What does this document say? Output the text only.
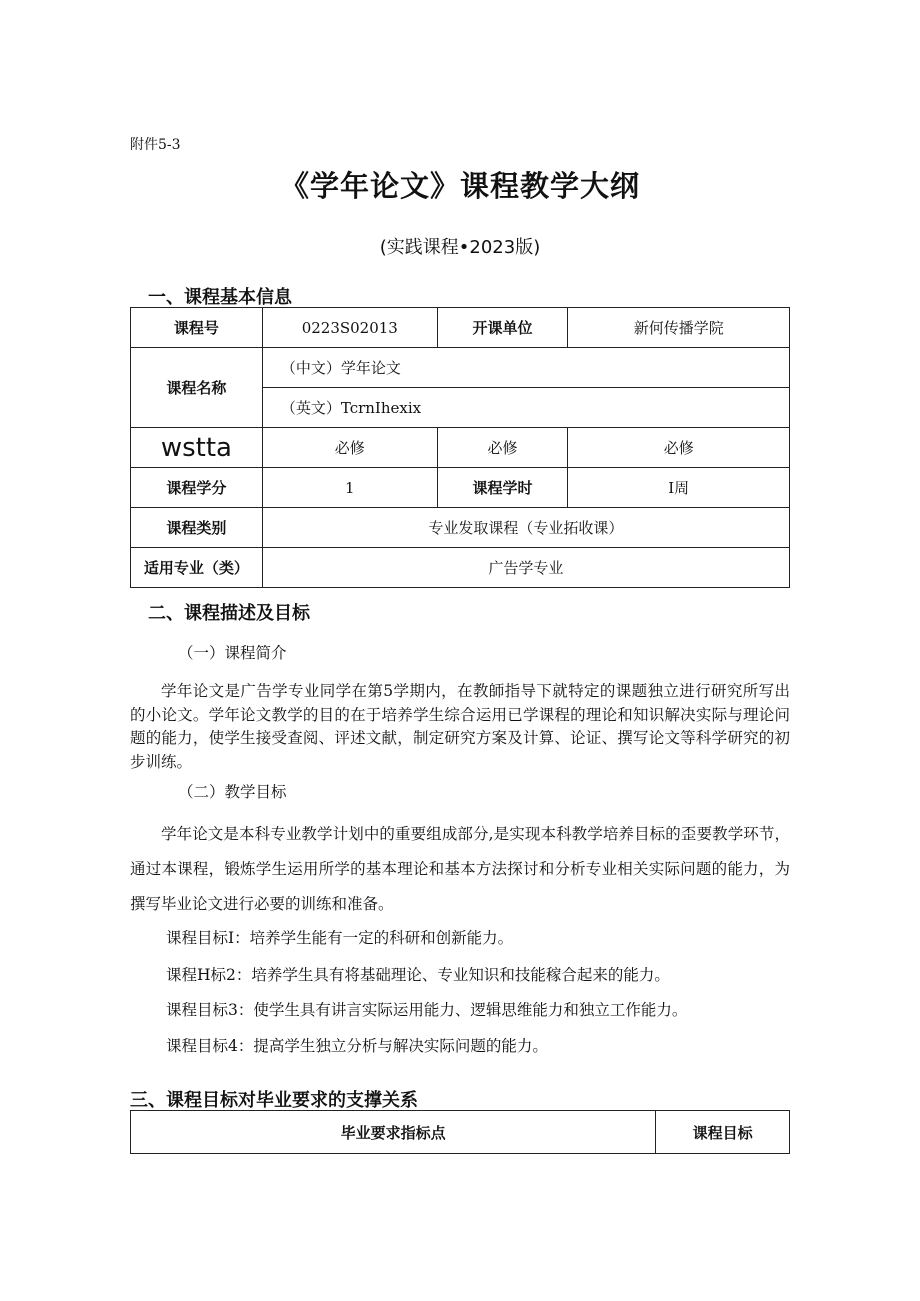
附件5-3
《学年论文》课程教学大纲
(实践课程•2023版)
一、课程基本信息
课程号	0223S02013	开课单位	新何传播学院
课程名称	（中文）学年论文		
	（英文）TcrnIhexix		
wstta	必修	必修	必修
课程学分	1	课程学时	I周
课程类别	专业发取课程（专业拓收课）		
适用专业（类）	广告学专业		
二、课程描述及目标
（一）课程简介

学年论文是广告学专业同学在第5学期内，在教師指导下就特定的课题独立进行研究所写出的小论文。学年论文教学的目的在于培养学生综合运用已学课程的理论和知识解决实际与理论问题的能力，使学生接受查阅、评述文献，制定研究方案及计算、论证、撰写论文等科学研究的初步训练。

（二）教学目标

学年论文是本科专业教学计划中的重要组成部分,是实现本科教学培养目标的歪要教学环节，通过本课程，锻炼学生运用所学的基本理论和基本方法探讨和分析专业相关实际问题的能力，为撰写毕业论文进行必要的训练和准备。

课程目标I：培养学生能有一定的科研和创新能力。
课程H标2：培养学生具有将基础理论、专业知识和技能稼合起来的能力。
课程目标3：使学生具有讲言实际运用能力、逻辑思维能力和独立工作能力。
课程目标4：提高学生独立分析与解决实际问题的能力。
三、课程目标对毕业要求的支撑关系
毕业要求指标点	课程目标
